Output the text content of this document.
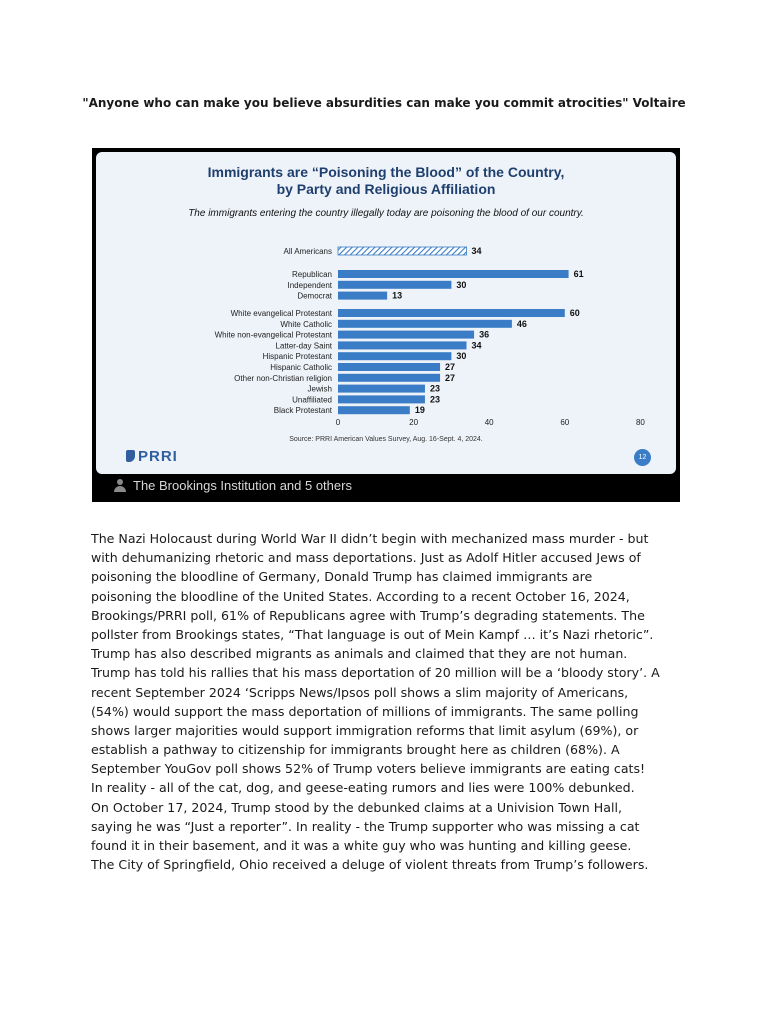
"Anyone who can make you believe absurdities can make you commit atrocities" Voltaire
Immigrants are “Poisoning the Blood” of the Country,
by Party and Religious Affiliation
The immigrants entering the country illegally today are poisoning the blood of our country.
All Americans	34
Republican	61
Independent	30
Democrat	13
White evangelical Protestant	60
White Catholic	46
White non-evangelical Protestant	36
Latter-day Saint	34
Hispanic Protestant	30
Hispanic Catholic	27
Other non-Christian religion	27
Jewish	23
Unaffiliated	23
Black Protestant	19
0	20	40	60	80
Source: PRRI American Values Survey, Aug. 16-Sept. 4, 2024.
PRRI	12
The Brookings Institution and 5 others
The Nazi Holocaust during World War II didn’t begin with mechanized mass murder - but
with dehumanizing rhetoric and mass deportations. Just as Adolf Hitler accused Jews of
poisoning the bloodline of Germany, Donald Trump has claimed immigrants are
poisoning the bloodline of the United States. According to a recent October 16, 2024,
Brookings/PRRI poll, 61% of Republicans agree with Trump’s degrading statements. The
pollster from Brookings states, “That language is out of Mein Kampf … it’s Nazi rhetoric”.
Trump has also described migrants as animals and claimed that they are not human.
Trump has told his rallies that his mass deportation of 20 million will be a ‘bloody story’. A
recent September 2024 ‘Scripps News/Ipsos poll shows a slim majority of Americans,
(54%) would support the mass deportation of millions of immigrants. The same polling
shows larger majorities would support immigration reforms that limit asylum (69%), or
establish a pathway to citizenship for immigrants brought here as children (68%). A
September YouGov poll shows 52% of Trump voters believe immigrants are eating cats!
In reality - all of the cat, dog, and geese-eating rumors and lies were 100% debunked.
On October 17, 2024, Trump stood by the debunked claims at a Univision Town Hall,
saying he was “Just a reporter”. In reality - the Trump supporter who was missing a cat
found it in their basement, and it was a white guy who was hunting and killing geese.
The City of Springfield, Ohio received a deluge of violent threats from Trump’s followers.
